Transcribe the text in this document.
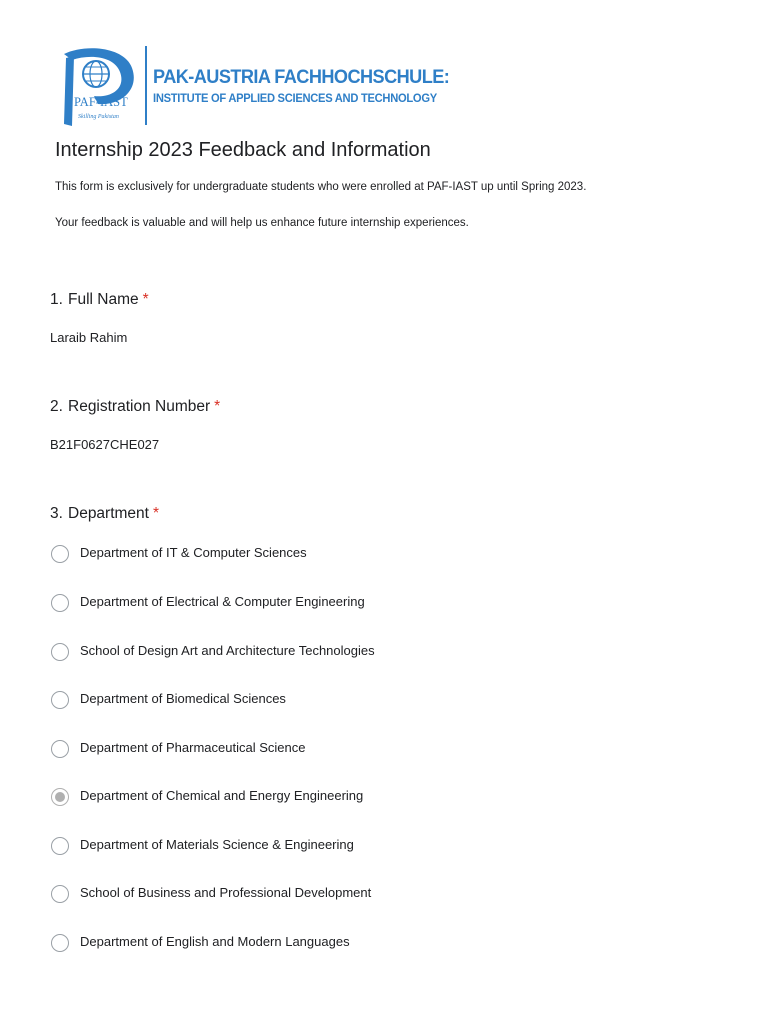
PAF-IAST
Skilling Pakistan
PAK-AUSTRIA FACHHOCHSCHULE:
INSTITUTE OF APPLIED SCIENCES AND TECHNOLOGY
Internship 2023 Feedback and Information
This form is exclusively for undergraduate students who were enrolled at PAF-IAST up until Spring 2023.
Your feedback is valuable and will help us enhance future internship experiences.
1. Full Name *
Laraib Rahim
2. Registration Number *
B21F0627CHE027
3. Department *
Department of IT & Computer Sciences
Department of Electrical & Computer Engineering
School of Design Art and Architecture Technologies
Department of Biomedical Sciences
Department of Pharmaceutical Science
Department of Chemical and Energy Engineering
Department of Materials Science & Engineering
School of Business and Professional Development
Department of English and Modern Languages
